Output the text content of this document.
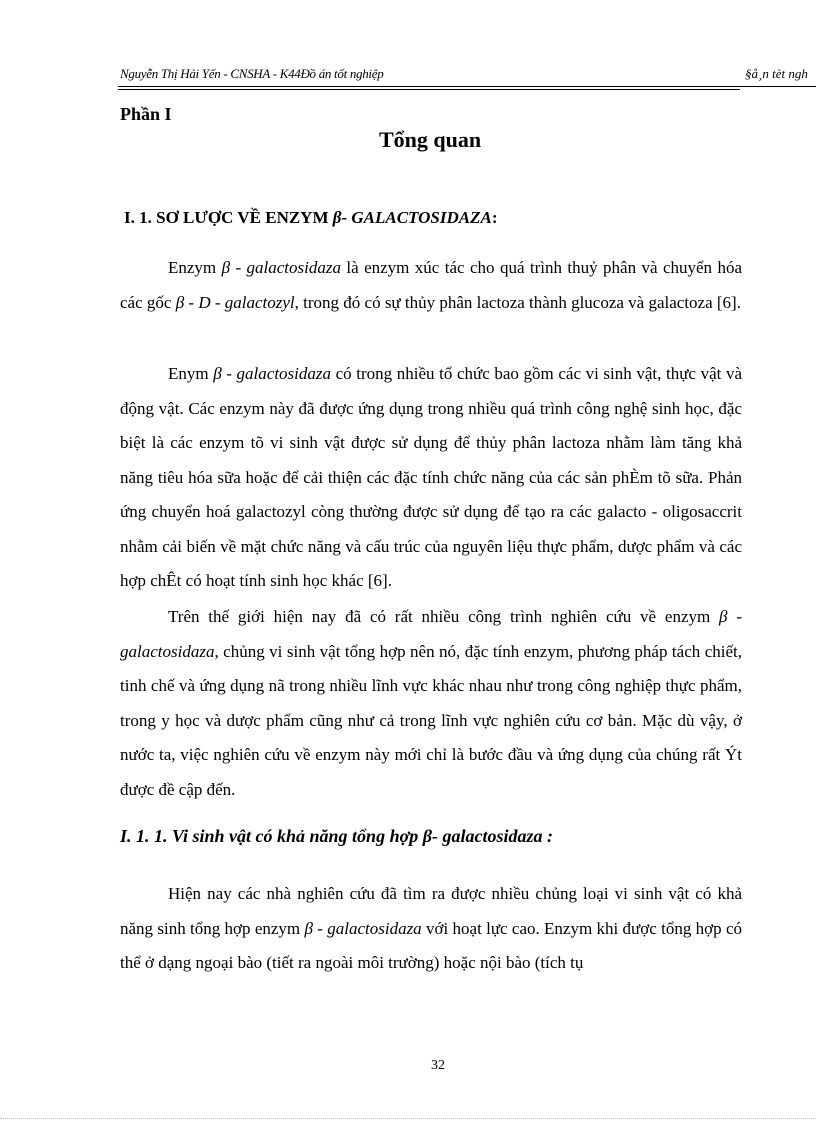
Nguyễn Thị Hải Yến - CNSHA - K44Đồ án tốt nghiệp	§å¸n tèt ngh
Phần I
Tổng quan
I. 1. SƠ LƯỢC VỀ ENZYM β- GALACTOSIDAZA:

Enzym β - galactosidaza là enzym xúc tác cho quá trình thuỷ phân và chuyển hóa các gốc β - D - galactozyl, trong đó có sự thủy phân lactoza thành glucoza và galactoza [6].

Enym β - galactosidaza có trong nhiều tổ chức bao gồm các vi sinh vật, thực vật và động vật. Các enzym này đã được ứng dụng trong nhiều quá trình công nghệ sinh học, đặc biệt là các enzym tõ vi sinh vật được sử dụng để thủy phân lactoza nhằm làm tăng khả năng tiêu hóa sữa hoặc để cải thiện các đặc tính chức năng của các sản phÈm tõ sữa. Phản ứng chuyển hoá galactozyl còng thường được sử dụng để tạo ra các galacto - oligosaccrit nhằm cải biến về mặt chức năng và cấu trúc của nguyên liệu thực phẩm, dược phẩm và các hợp chÊt có hoạt tính sinh học khác [6].

Trên thế giới hiện nay đã có rất nhiều công trình nghiên cứu về enzym β - galactosidaza, chủng vi sinh vật tổng hợp nên nó, đặc tính enzym, phương pháp tách chiết, tinh chế và ứng dụng nã trong nhiều lĩnh vực khác nhau như trong công nghiệp thực phẩm, trong y học và dược phẩm cũng như cả trong lĩnh vực nghiên cứu cơ bản. Mặc dù vậy, ở nước ta, việc nghiên cứu về enzym này mới chỉ là bước đầu và ứng dụng của chúng rất Ýt được đề cập đến.

I. 1. 1. Vi sinh vật có khả năng tổng hợp β- galactosidaza :

Hiện nay các nhà nghiên cứu đã tìm ra được nhiều chủng loại vi sinh vật có khả năng sinh tổng hợp enzym β - galactosidaza với hoạt lực cao. Enzym khi được tổng hợp có thể ở dạng ngoại bào (tiết ra ngoài môi trường) hoặc nội bào (tích tụ

32
